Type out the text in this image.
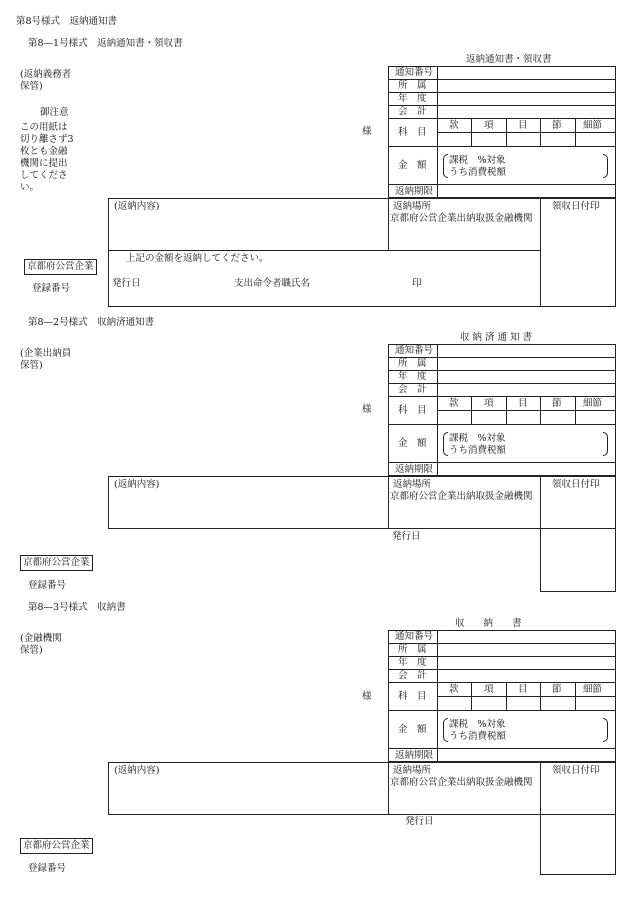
第8号様式　返納通知書
第8—1号様式　返納通知書・領収書
返納通知書・領収書
(返納義務者
保管)
御注意
この用紙は切り離さず3枚とも金融機関に提出してください。
様
通知番号
所　属
年　度
会　計
科　目
款	項	目	節 細節
金　額 課税　%対象
うち消費税額
返納期限
(返納内容)	返納場所
京都府公営企業出納取扱金融機関
領収日付印
上記の金額を返納してください。
発行日	支出命令者職氏名	印
京都府公営企業
登録番号
第8—2号様式　収納済通知書
収 納 済 通 知 書
(企業出納員
保管)
様
通知番号
所　属
年　度
会　計
科　目
款	項	目	節 細節
金　額 課税　%対象
うち消費税額
返納期限
(返納内容)	返納場所
京都府公営企業出納取扱金融機関
領収日付印
発行日
京都府公営企業
登録番号
第8—3号様式　収納書
収　　納　　書
(金融機関
保管)
様
通知番号
所　属
年　度
会　計
科　目
款	項	目	節 細節
金　額 課税　%対象
うち消費税額
返納期限
(返納内容)	返納場所
京都府公営企業出納取扱金融機関
領収日付印
発行日
京都府公営企業
登録番号
